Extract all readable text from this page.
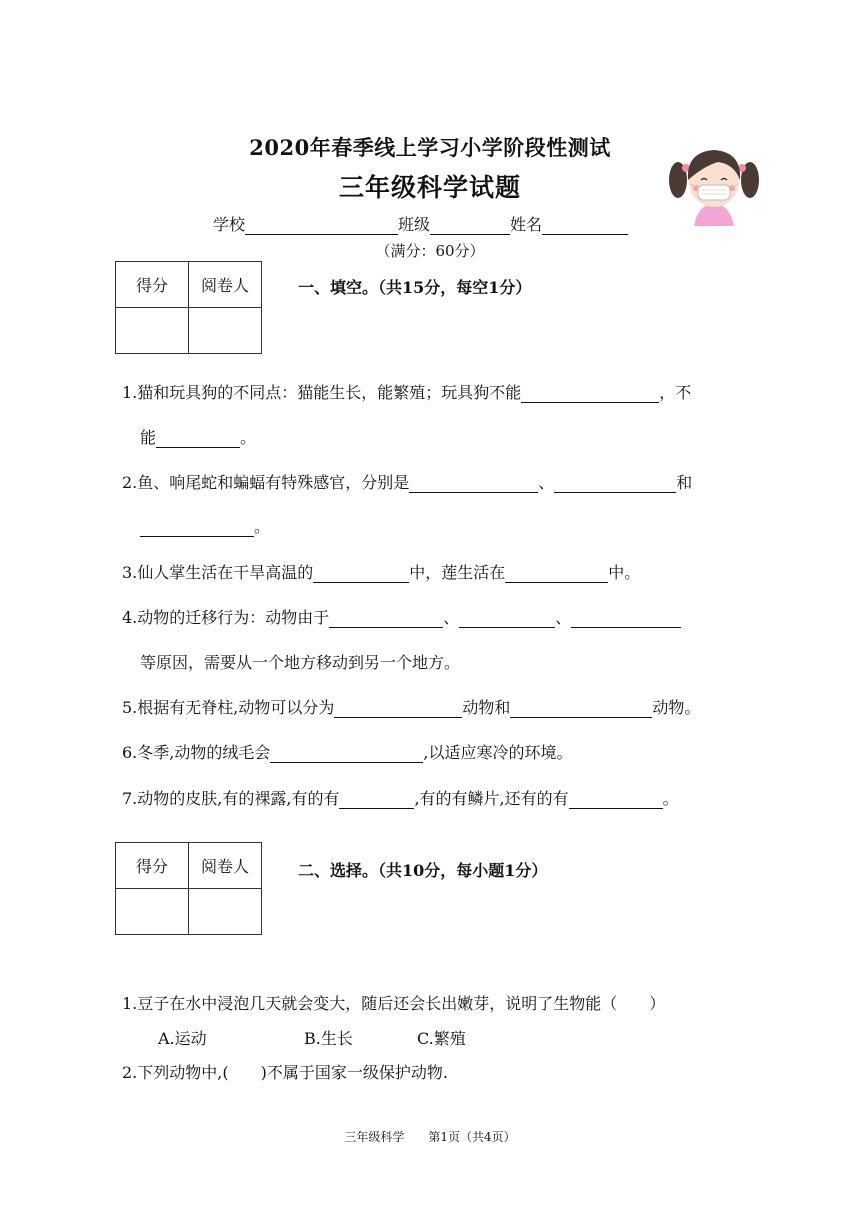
2020年春季线上学习小学阶段性测试
三年级科学试题
学校	班级	姓名
（满分：60分）
得分	阅卷人
		一、填空。（共15分，每空1分）
1.猫和玩具狗的不同点：猫能生长，能繁殖；玩具狗不能	，不
能	。
2.鱼、响尾蛇和蝙蝠有特殊感官，分别是	、	和
。
3.仙人掌生活在干旱高温的	中，莲生活在	中。
4.动物的迁移行为：动物由于	、	、
等原因，需要从一个地方移动到另一个地方。
5.根据有无脊柱,动物可以分为	动物和	动物。
6.冬季,动物的绒毛会	,以适应寒冷的环境。
7.动物的皮肤,有的裸露,有的有	,有的有鳞片,还有的有	。
得分	阅卷人
		二、选择。（共10分，每小题1分）
1.豆子在水中浸泡几天就会变大，随后还会长出嫩芽，说明了生物能（　　）
A.运动	B.生长	C.繁殖
2.下列动物中,(　　)不属于国家一级保护动物.
三年级科学　　第1页（共4页）
